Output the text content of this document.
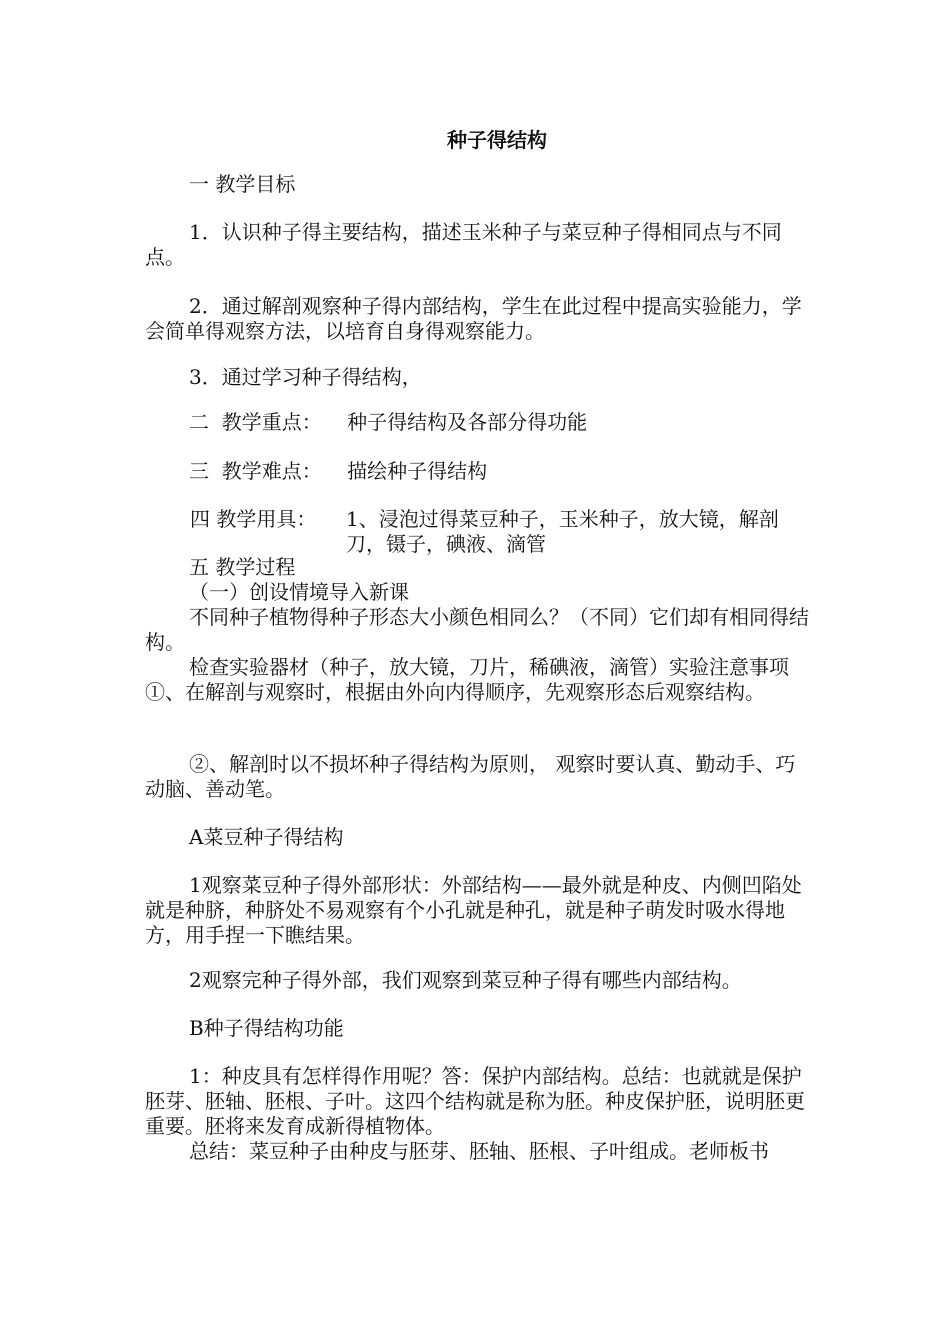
种子得结构

一 教学目标

1．认识种子得主要结构，描述玉米种子与菜豆种子得相同点与不同点。

2．通过解剖观察种子得内部结构，学生在此过程中提高实验能力，学会简单得观察方法，以培育自身得观察能力。

3．通过学习种子得结构，

二  教学重点：    种子得结构及各部分得功能

三  教学难点：    描绘种子得结构

四 教学用具： 1、浸泡过得菜豆种子，玉米种子，放大镜，解剖刀，镊子，碘液、滴管

五 教学过程

（一）创设情境导入新课

不同种子植物得种子形态大小颜色相同么？（不同）它们却有相同得结构。

检查实验器材（种子，放大镜，刀片，稀碘液，滴管）实验注意事项①、在解剖与观察时，根据由外向内得顺序，先观察形态后观察结构。

②、解剖时以不损坏种子得结构为原则， 观察时要认真、勤动手、巧动脑、善动笔。

A菜豆种子得结构

1观察菜豆种子得外部形状：外部结构——最外就是种皮、内侧凹陷处就是种脐，种脐处不易观察有个小孔就是种孔，就是种子萌发时吸水得地方，用手捏一下瞧结果。

2观察完种子得外部，我们观察到菜豆种子得有哪些内部结构。

B种子得结构功能

1：种皮具有怎样得作用呢？答：保护内部结构。总结：也就就是保护胚芽、胚轴、胚根、子叶。这四个结构就是称为胚。种皮保护胚，说明胚更重要。胚将来发育成新得植物体。

总结：菜豆种子由种皮与胚芽、胚轴、胚根、子叶组成。老师板书
